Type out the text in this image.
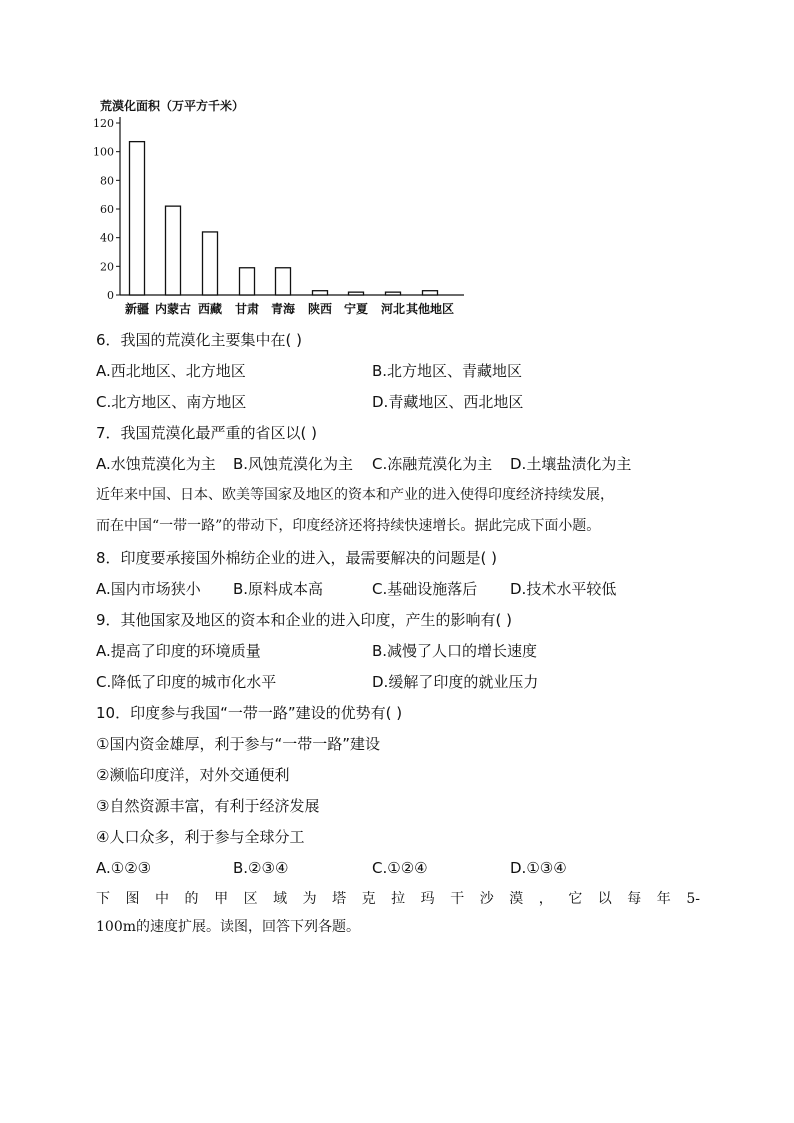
荒漠化面积（万平方千米）
0
20
40
60
80
100
120
新疆 内蒙古 西藏 甘肃 青海 陕西 宁夏 河北 其他地区
6．我国的荒漠化主要集中在( )
A.西北地区、北方地区	B.北方地区、青藏地区
C.北方地区、南方地区	D.青藏地区、西北地区
7．我国荒漠化最严重的省区以( )
A.水蚀荒漠化为主 B.风蚀荒漠化为主 C.冻融荒漠化为主 D.土壤盐渍化为主
近年来中国、日本、欧美等国家及地区的资本和产业的进入使得印度经济持续发展，
而在中国“一带一路”的带动下，印度经济还将持续快速增长。据此完成下面小题。
8．印度要承接国外棉纺企业的进入，最需要解决的问题是( )
A.国内市场狭小 B.原料成本高	C.基础设施落后 D.技术水平较低
9．其他国家及地区的资本和企业的进入印度，产生的影响有( )
A.提高了印度的环境质量	B.减慢了人口的增长速度
C.降低了印度的城市化水平	D.缓解了印度的就业压力
10．印度参与我国“一带一路”建设的优势有( )
①国内资金雄厚，利于参与“一带一路”建设
②濒临印度洋，对外交通便利
③自然资源丰富，有利于经济发展
④人口众多，利于参与全球分工
A.①②③	B.②③④	C.①②④	D.①③④
下 图 中 的 甲 区 域 为 塔 克 拉 玛 干 沙 漠 ， 它 以 每 年 5-
100m的速度扩展。读图，回答下列各题。
